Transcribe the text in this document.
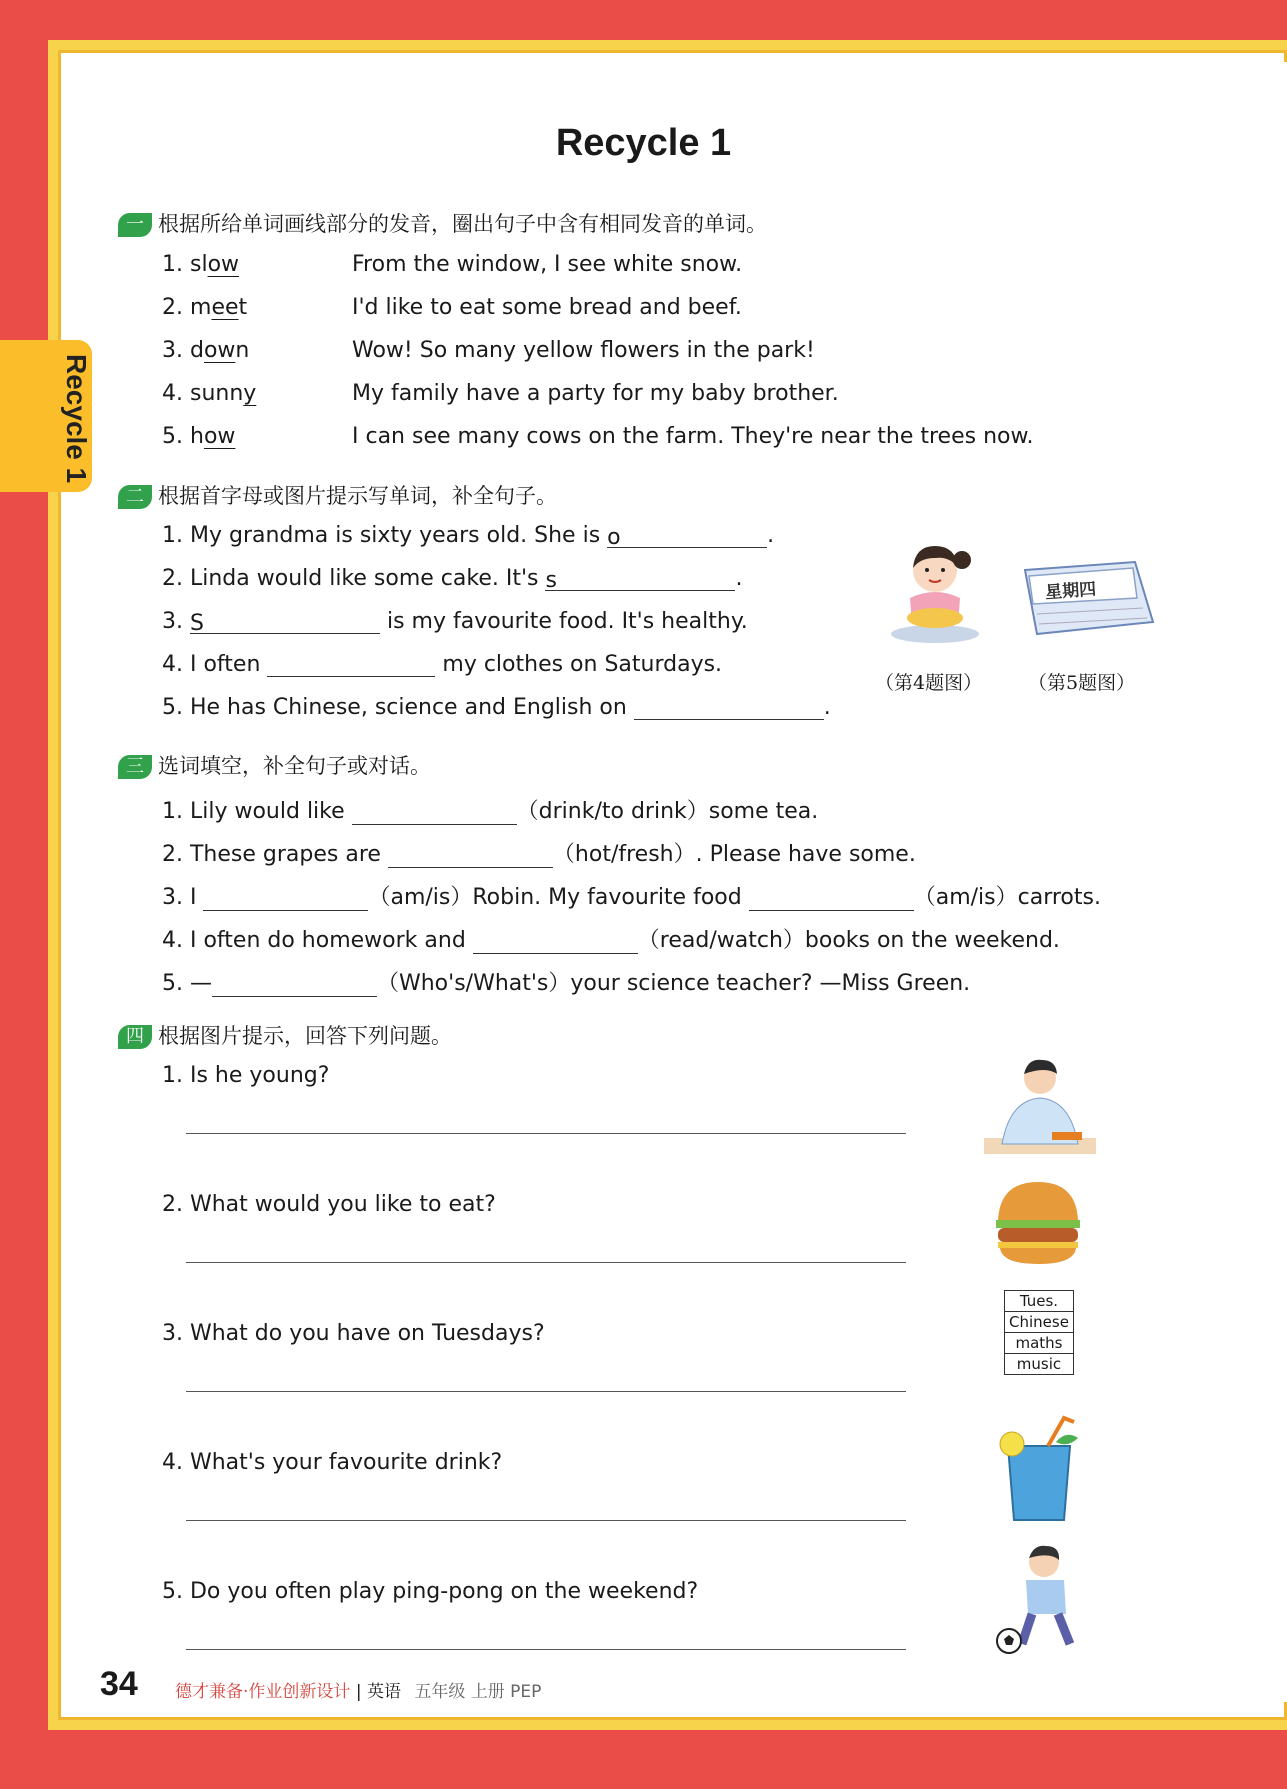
Recycle 1
Recycle 1
一 根据所给单词画线部分的发音，圈出句子中含有相同发音的单词。
1. slow	From the window, I see white snow.
2. meet	I'd like to eat some bread and beef.
3. down	Wow! So many yellow flowers in the park!
4. sunny	My family have a party for my baby brother.
5. how	I can see many cows on the farm. They're near the trees now.
二 根据首字母或图片提示写单词，补全句子。
1. My grandma is sixty years old. She is o	.
2. Linda would like some cake. It's s	.
3. S	is my favourite food. It's healthy.
4. I often	my clothes on Saturdays.
5. He has Chinese, science and English on	.
星期四
（第4题图） （第5题图）
三 选词填空，补全句子或对话。
1. Lily would like	（drink/to drink）some tea.
2. These grapes are	（hot/fresh）. Please have some.
3. I	（am/is）Robin. My favourite food	（am/is）carrots.
4. I often do homework and	（read/watch）books on the weekend.
5. —	（Who's/What's）your science teacher? —Miss Green.
四 根据图片提示，回答下列问题。
1. Is he young?
2. What would you like to eat?
3. What do you have on Tuesdays?
4. What's your favourite drink?
5. Do you often play ping-pong on the weekend?
Tues.
Chinese
maths
music
34 德才兼备·作业创新设计 | 英语 五年级 上册 PEP
